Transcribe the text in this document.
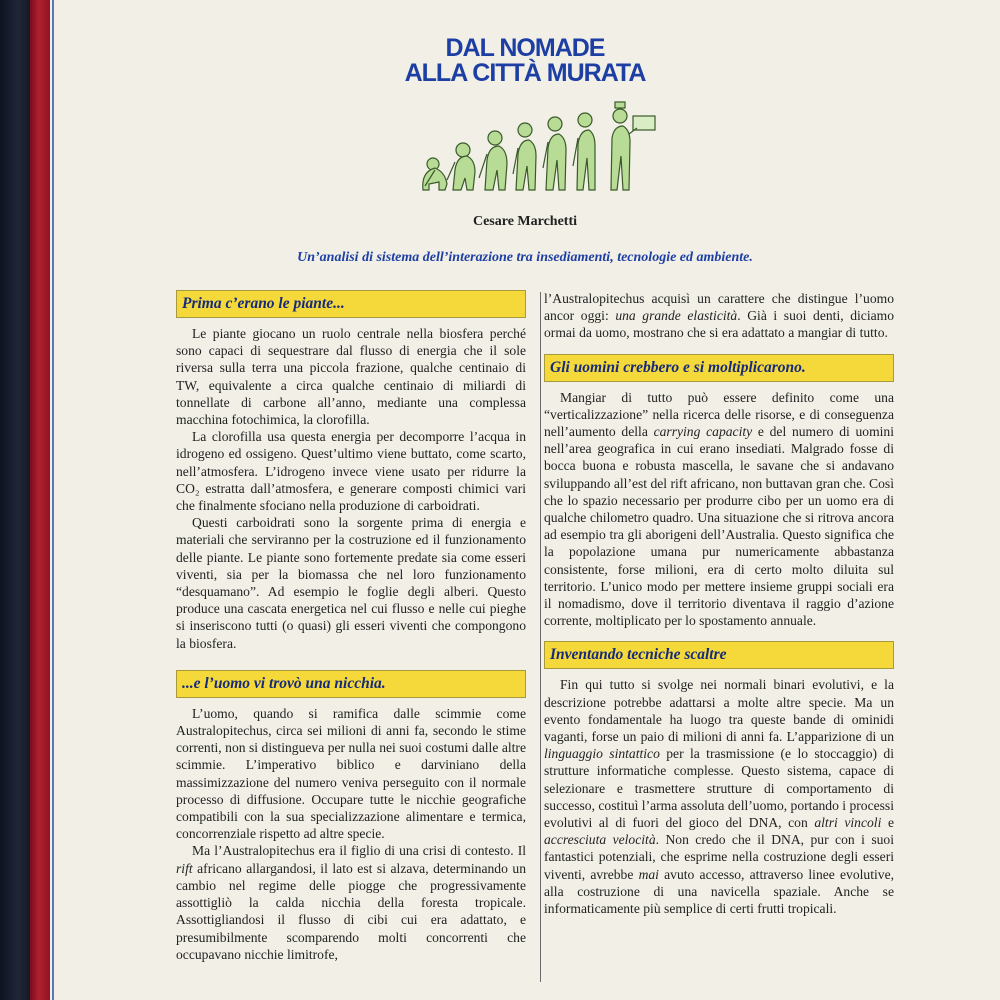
DAL NOMADE
ALLA CITTÀ MURATA
Cesare Marchetti
Un’analisi di sistema dell’interazione tra insediamenti, tecnologie ed ambiente.
Prima c’erano le piante...

Le piante giocano un ruolo centrale nella biosfera perché sono capaci di sequestrare dal flusso di energia che il sole riversa sulla terra una piccola frazione, qualche centinaio di TW, equivalente a circa qualche centinaio di miliardi di tonnellate di carbone all’anno, mediante una complessa macchina fotochimica, la clorofilla.

La clorofilla usa questa energia per decomporre l’acqua in idrogeno ed ossigeno. Quest’ultimo viene buttato, come scarto, nell’atmosfera. L’idrogeno invece viene usato per ridurre la CO₂ estratta dall’atmosfera, e generare composti chimici vari che finalmente sfociano nella produzione di carboidrati.

Questi carboidrati sono la sorgente prima di energia e materiali che serviranno per la costruzione ed il funzionamento delle piante. Le piante sono fortemente predate sia come esseri viventi, sia per la biomassa che nel loro funzionamento “desquamano”. Ad esempio le foglie degli alberi. Questo produce una cascata energetica nel cui flusso e nelle cui pieghe si inseriscono tutti (o quasi) gli esseri viventi che compongono la biosfera.

...e l’uomo vi trovò una nicchia.

L’uomo, quando si ramifica dalle scimmie come Australopitechus, circa sei milioni di anni fa, secondo le stime correnti, non si distingueva per nulla nei suoi costumi dalle altre scimmie. L’imperativo biblico e darviniano della massimizzazione del numero veniva perseguito con il normale processo di diffusione. Occupare tutte le nicchie geografiche compatibili con la sua specializzazione alimentare e termica, concorrenziale rispetto ad altre specie.

Ma l’Australopitechus era il figlio di una crisi di contesto. Il rift africano allargandosi, il lato est si alzava, determinando un cambio nel regime delle piogge che progressivamente assottigliò la calda nicchia della foresta tropicale. Assottigliandosi il flusso di cibi cui era adattato, e presumibilmente scomparendo molti concorrenti che occupavano nicchie limitrofe,

l’Australopitechus acquisì un carattere che distingue l’uomo ancor oggi: una grande elasticità. Già i suoi denti, diciamo ormai da uomo, mostrano che si era adattato a mangiar di tutto.

Gli uomini crebbero e si moltiplicarono.

Mangiar di tutto può essere definito come una “verticalizzazione” nella ricerca delle risorse, e di conseguenza nell’aumento della carrying capacity e del numero di uomini nell’area geografica in cui erano insediati. Malgrado fosse di bocca buona e robusta mascella, le savane che si andavano sviluppando all’est del rift africano, non buttavan gran che. Così che lo spazio necessario per produrre cibo per un uomo era di qualche chilometro quadro. Una situazione che si ritrova ancora ad esempio tra gli aborigeni dell’Australia. Questo significa che la popolazione umana pur numericamente abbastanza consistente, forse milioni, era di certo molto diluita sul territorio. L’unico modo per mettere insieme gruppi sociali era il nomadismo, dove il territorio diventava il raggio d’azione corrente, moltiplicato per lo spostamento annuale.

Inventando tecniche scaltre

Fin qui tutto si svolge nei normali binari evolutivi, e la descrizione potrebbe adattarsi a molte altre specie. Ma un evento fondamentale ha luogo tra queste bande di ominidi vaganti, forse un paio di milioni di anni fa. L’apparizione di un linguaggio sintattico per la trasmissione (e lo stoccaggio) di strutture informatiche complesse. Questo sistema, capace di selezionare e trasmettere strutture di comportamento di successo, costituì l’arma assoluta dell’uomo, portando i processi evolutivi al di fuori del gioco del DNA, con altri vincoli e accresciuta velocità. Non credo che il DNA, pur con i suoi fantastici potenziali, che esprime nella costruzione degli esseri viventi, avrebbe mai avuto accesso, attraverso linee evolutive, alla costruzione di una navicella spaziale. Anche se informaticamente più semplice di certi frutti tropicali.
